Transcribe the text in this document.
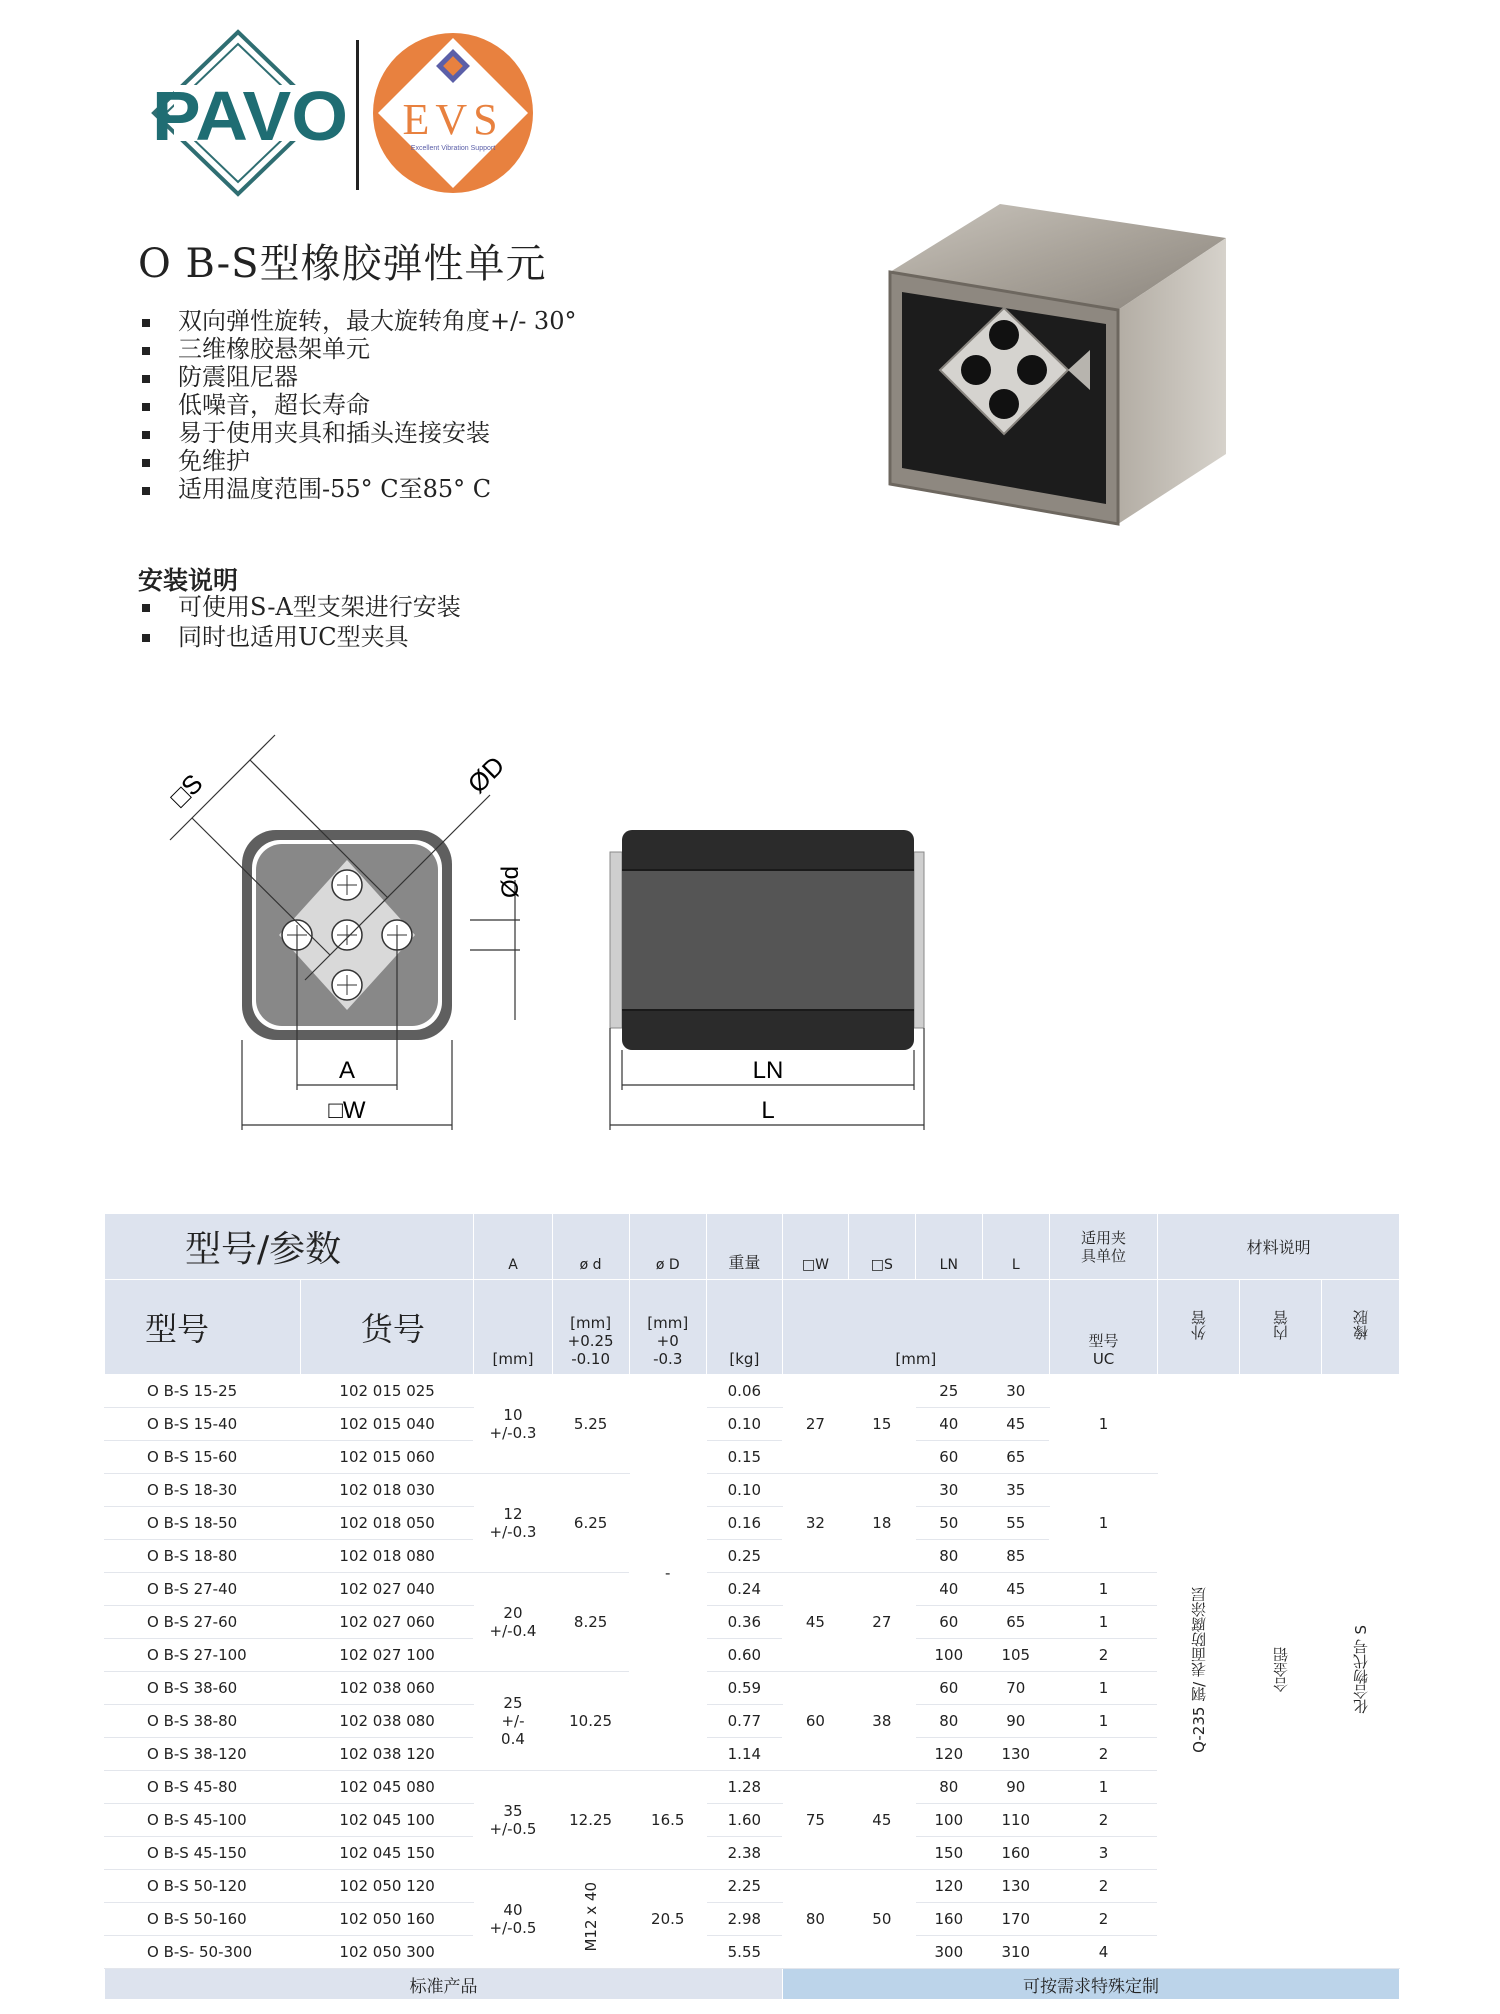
PAVO EVS
Excellent Vibration Support
O B-S型橡胶弹性单元
双向弹性旋转，最大旋转角度+/- 30°
三维橡胶悬架单元
防震阻尼器
低噪音，超长寿命
易于使用夹具和插头连接安装
免维护
适用温度范围-55° C至85° C
安装说明
可使用S-A型支架进行安装
同时也适用UC型夹具
□S	ØD
Ød
A
□W
LN
L
型号/参数		A	ø d	ø D	重量	□W	□S	LN	L	适用夹具单位	材料说明		
型号	货号	[mm]	[mm] +0.25 -0.10	[mm] +0 -0.3	[kg]	[mm]				型号 UC	外管	内管	橡胶
O B-S 15-25	102 015 025	10 +/-0.3	5.25	-	0.06	27	15	25	30	1	Q-235 钢/ 表面防腐涂层	合金铝	化合物代号 S
O B-S 15-40	102 015 040				0.10			40	45				
O B-S 15-60	102 015 060				0.15			60	65				
O B-S 18-30	102 018 030	12 +/-0.3	6.25		0.10	32	18	30	35	1			
O B-S 18-50	102 018 050				0.16			50	55				
O B-S 18-80	102 018 080				0.25			80	85				
O B-S 27-40	102 027 040	20 +/-0.4	8.25		0.24	45	27	40	45	1			
O B-S 27-60	102 027 060				0.36			60	65	1			
O B-S 27-100	102 027 100				0.60			100	105	2			
O B-S 38-60	102 038 060	25 +/- 0.4	10.25		0.59	60	38	60	70	1			
O B-S 38-80	102 038 080				0.77			80	90	1			
O B-S 38-120	102 038 120				1.14			120	130	2			
O B-S 45-80	102 045 080	35 +/-0.5	12.25	16.5	1.28	75	45	80	90	1			
O B-S 45-100	102 045 100				1.60			100	110	2			
O B-S 45-150	102 045 150				2.38			150	160	3			
O B-S 50-120	102 050 120	40 +/-0.5	M12 x 40	20.5	2.25	80	50	120	130	2			
O B-S 50-160	102 050 160				2.98			160	170	2			
O B-S- 50-300	102 050 300				5.55			300	310	4			
标准产品						可按需求特殊定制							
